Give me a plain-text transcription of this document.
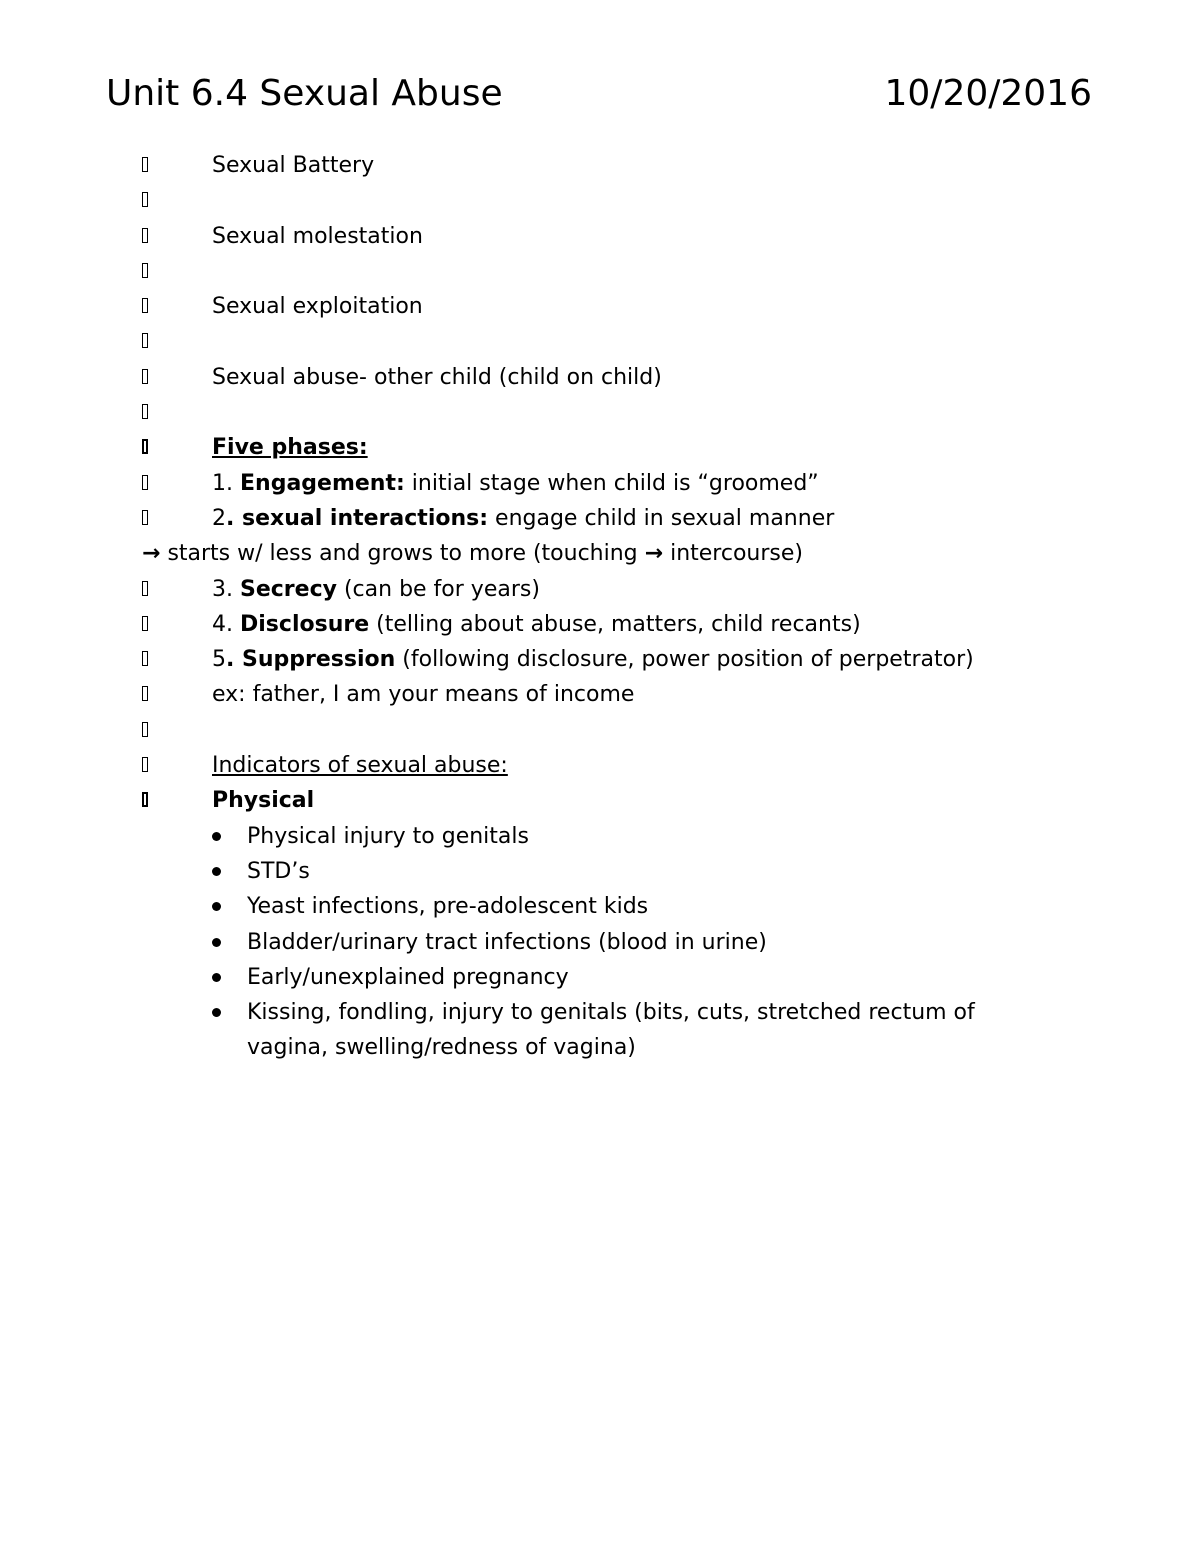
Unit 6.4 Sexual Abuse	10/20/2016
Sexual Battery
Sexual molestation
Sexual exploitation
Sexual abuse- other child (child on child)
Five phases:
1. Engagement: initial stage when child is “groomed”
2. sexual interactions: engage child in sexual manner
→ starts w/ less and grows to more (touching → intercourse)
3. Secrecy (can be for years)
4. Disclosure (telling about abuse, matters, child recants)
5. Suppression (following disclosure, power position of perpetrator)
ex: father, I am your means of income
Indicators of sexual abuse:
Physical
Physical injury to genitals
STD’s
Yeast infections, pre-adolescent kids
Bladder/urinary tract infections (blood in urine)
Early/unexplained pregnancy
Kissing, fondling, injury to genitals (bits, cuts, stretched rectum of
vagina, swelling/redness of vagina)
